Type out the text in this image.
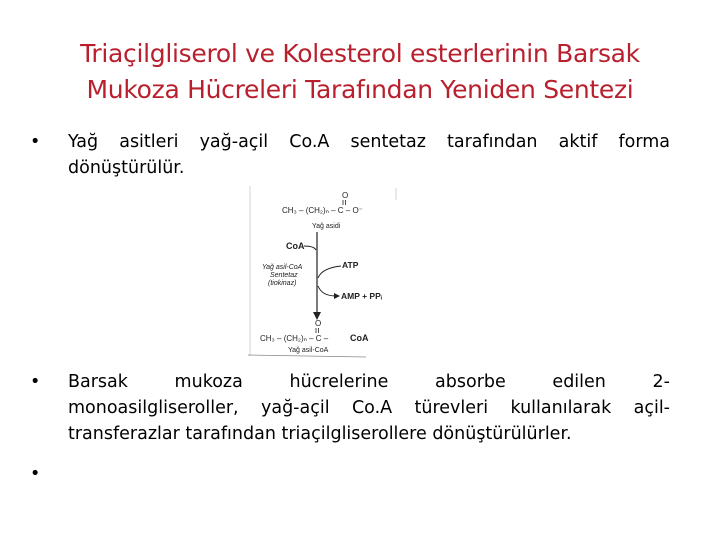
Triaçilgliserol ve Kolesterol esterlerinin Barsak
Mukoza Hücreleri Tarafından Yeniden Sentezi
•	Yağ asitleri yağ-açil Co.A sentetaz tarafından aktif forma
dönüştürülür.
O
CH₃ – (CH₂)ₙ – C – O⁻
Yağ asidi
CoA
Yağ asil-CoA
Sentetaz
(tiokinaz)
ATP
AMP + PPᵢ
O
CH₃ – (CH₂)ₙ – C – CoA
Yağ asil-CoA
•	Barsak mukoza hücrelerine absorbe edilen 2-
monoasilgliseroller, yağ-açil Co.A türevleri kullanılarak açil-
transferazlar tarafından triaçilgliserollere dönüştürülürler.
•
